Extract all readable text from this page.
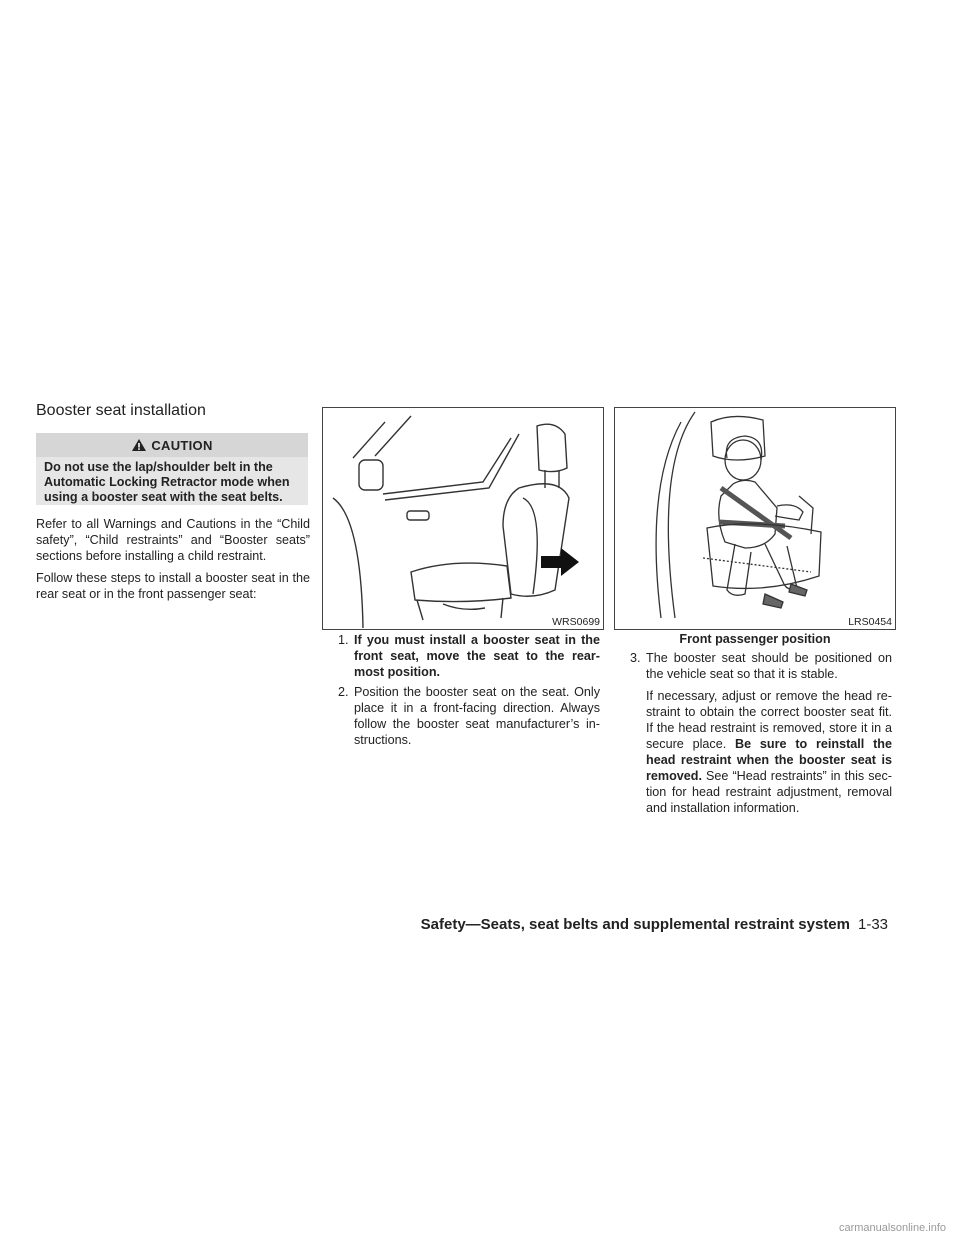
Booster seat installation
CAUTION
Do not use the lap/shoulder belt in the Automatic Locking Retractor mode when using a booster seat with the seat belts.
Refer to all Warnings and Cautions in the “Child safety”, “Child restraints” and “Booster seats” sections before installing a child restraint.
Follow these steps to install a booster seat in the rear seat or in the front passenger seat:
WRS0699	LRS0454
Front passenger position
1. If you must install a booster seat in the front seat, move the seat to the rear-most position.
2. Position the booster seat on the seat. Only place it in a front-facing direction. Always follow the booster seat manufacturer’s in-structions.
3. The booster seat should be positioned on the vehicle seat so that it is stable.
If necessary, adjust or remove the head re-straint to obtain the correct booster seat fit. If the head restraint is removed, store it in a secure place. Be sure to reinstall the head restraint when the booster seat is removed. See “Head restraints” in this sec-tion for head restraint adjustment, removal and installation information.
Safety—Seats, seat belts and supplemental restraint system 1-33
carmanualsonline.info
